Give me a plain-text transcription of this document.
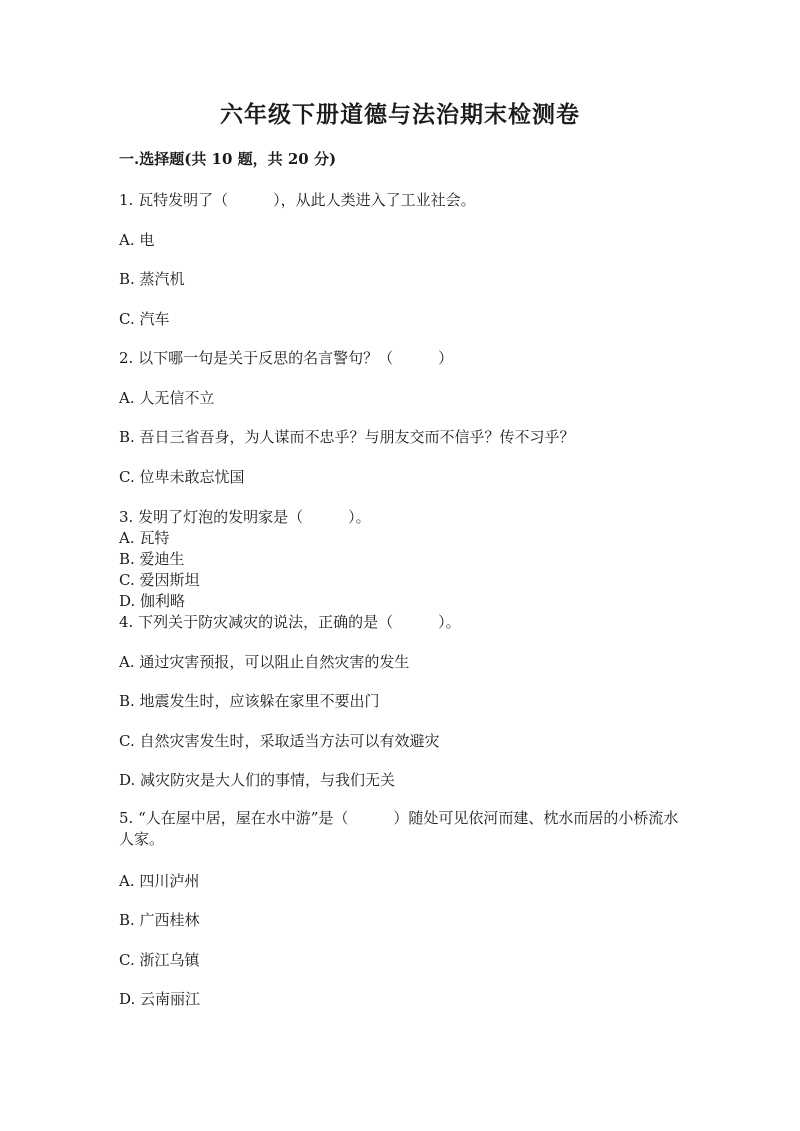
六年级下册道德与法治期末检测卷
一.选择题(共 10 题，共 20 分)
1. 瓦特发明了（　　　），从此人类进入了工业社会。
A. 电
B. 蒸汽机
C. 汽车
2. 以下哪一句是关于反思的名言警句？（　　　）
A. 人无信不立
B. 吾日三省吾身，为人谋而不忠乎？与朋友交而不信乎？传不习乎？
C. 位卑未敢忘忧国
3. 发明了灯泡的发明家是（　　　）。
A. 瓦特
B. 爱迪生
C. 爱因斯坦
D. 伽利略
4. 下列关于防灾减灾的说法，正确的是（　　　）。
A. 通过灾害预报，可以阻止自然灾害的发生
B. 地震发生时，应该躲在家里不要出门
C. 自然灾害发生时，采取适当方法可以有效避灾
D. 减灾防灾是大人们的事情，与我们无关
5. “人在屋中居，屋在水中游”是（　　　）随处可见依河而建、枕水而居的小桥流水人家。
A. 四川泸州
B. 广西桂林
C. 浙江乌镇
D. 云南丽江
